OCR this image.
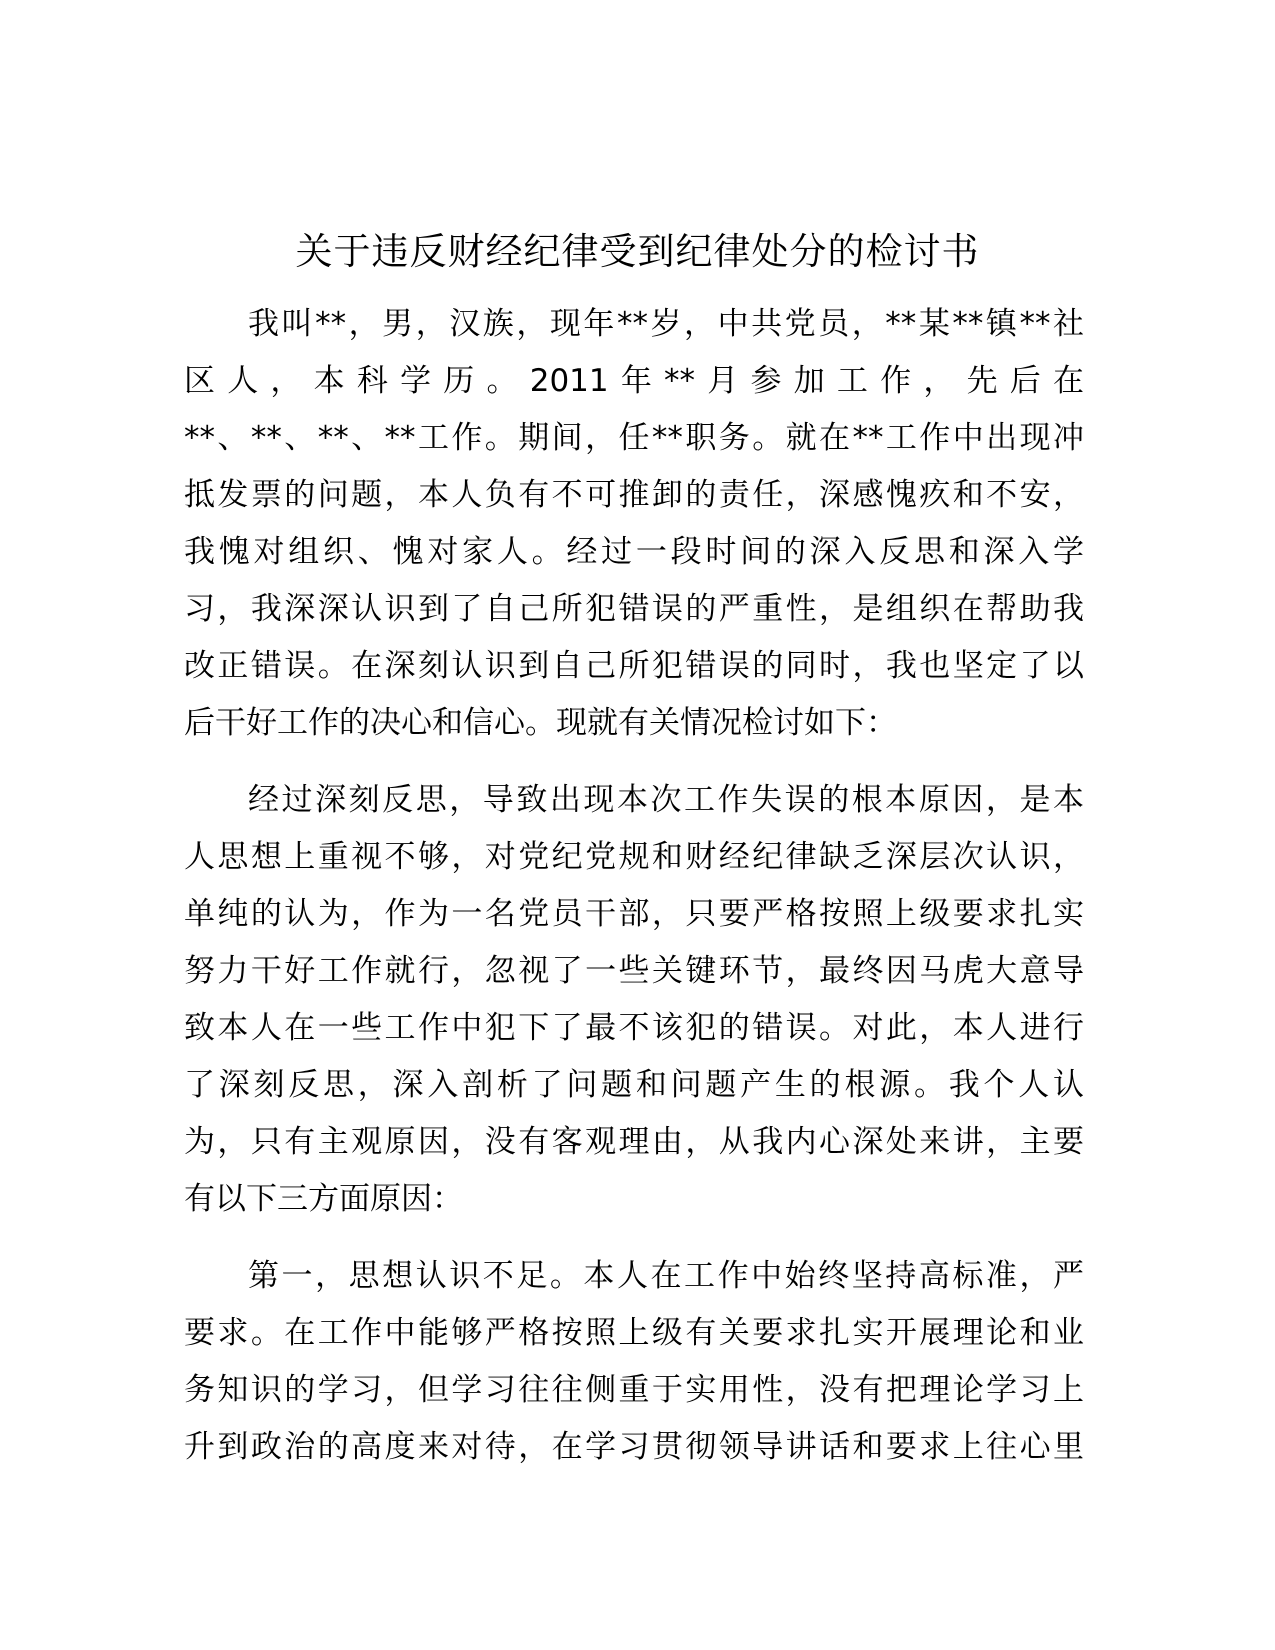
关于违反财经纪律受到纪律处分的检讨书
我叫**，男，汉族，现年**岁，中共党员，**某**镇**社
区人，本科学历。2011年**月参加工作，先后在
**、**、**、**工作。期间，任**职务。就在**工作中出现冲
抵发票的问题，本人负有不可推卸的责任，深感愧疚和不安，
我愧对组织、愧对家人。经过一段时间的深入反思和深入学
习，我深深认识到了自己所犯错误的严重性，是组织在帮助我
改正错误。在深刻认识到自己所犯错误的同时，我也坚定了以
后干好工作的决心和信心。现就有关情况检讨如下：
经过深刻反思，导致出现本次工作失误的根本原因，是本
人思想上重视不够，对党纪党规和财经纪律缺乏深层次认识，
单纯的认为，作为一名党员干部，只要严格按照上级要求扎实
努力干好工作就行，忽视了一些关键环节，最终因马虎大意导
致本人在一些工作中犯下了最不该犯的错误。对此，本人进行
了深刻反思，深入剖析了问题和问题产生的根源。我个人认
为，只有主观原因，没有客观理由，从我内心深处来讲，主要
有以下三方面原因：
第一，思想认识不足。本人在工作中始终坚持高标准，严
要求。在工作中能够严格按照上级有关要求扎实开展理论和业
务知识的学习，但学习往往侧重于实用性，没有把理论学习上
升到政治的高度来对待，在学习贯彻领导讲话和要求上往心里
